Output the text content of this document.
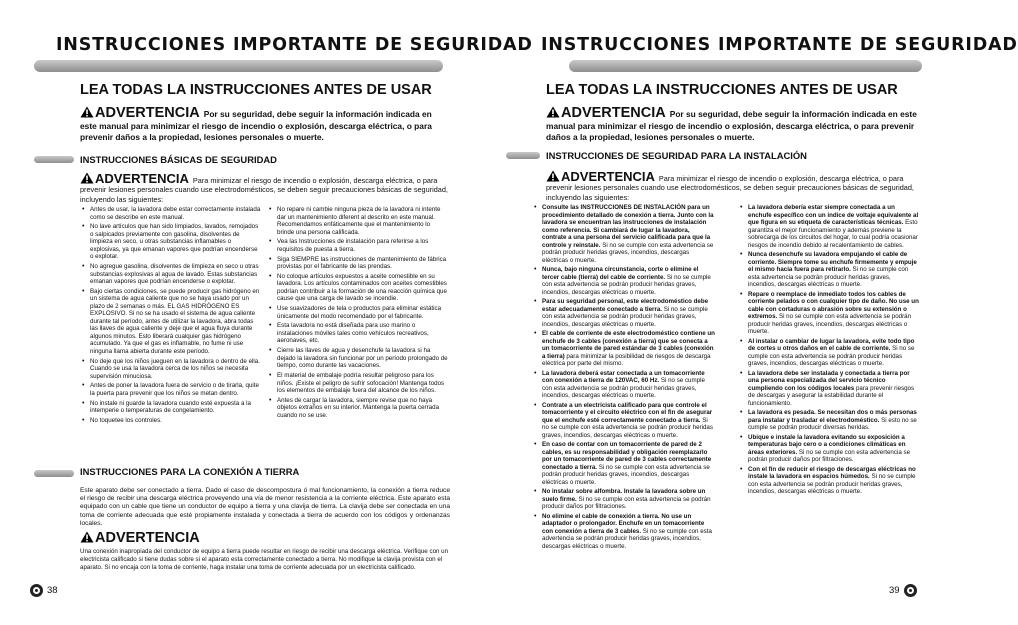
INSTRUCCIONES IMPORTANTE DE SEGURIDAD
LEA TODAS LA INSTRUCCIONES ANTES DE USAR
ADVERTENCIA Por su seguridad, debe seguir la información indicada en este manual para minimizar el riesgo de incendio o explosión, descarga eléctrica, o para prevenir daños a la propiedad, lesiones personales o muerte.
INSTRUCCIONES BÁSICAS DE SEGURIDAD
ADVERTENCIA Para minimizar el riesgo de incendio o explosión, descarga eléctrica, o para prevenir lesiones personales cuando use electrodomésticos, se deben seguir precauciones básicas de seguridad, incluyendo las siguientes:
• Antes de usar, la lavadora debe estar correctamente instalada como se describe en este manual.
• No lave artículos que han sido limpiados, lavados, remojados o salpicados previamente con gasolina, disolventes de limpieza en seco, u otras substancias inflamables o explosivas, ya que emanan vapores que podrían encenderse o explotar.
• No agregue gasolina, disolventes de limpieza en seco u otras substancias explosivas al agua de lavado. Estas substancias emanan vapores que podrían encenderse o explotar.
• Bajo ciertas condiciones, se puede producir gas hidrógeno en un sistema de agua caliente que no se haya usado por un plazo de 2 semanas o más. EL GAS HIDRÓGENO ES EXPLOSIVO. Si no se ha usado el sistema de agua caliente durante tal período, antes de utilizar la lavadora, abra todas las llaves de agua caliente y deje que el agua fluya durante algunos minutos. Esto liberará cualquier gas hidrógeno acumulado. Ya que el gas es inflamable, no fume ni use ninguna llama abierta durante este período.
• No deje que los niños jueguen en la lavadora o dentro de ella. Cuando se usa la lavadora cerca de los niños se necesita supervisión minuciosa.
• Antes de poner la lavadora fuera de servicio o de tirarla, quite la puerta para prevenir que los niños se metan dentro.
• No instale ni guarde la lavadora cuando esté expuesta a la intemperie o temperaturas de congelamiento.
• No toquetee los controles.
• No repare ni cambie ninguna pieza de la lavadora ni intente dar un mantenimiento diferent al descrito en este manual. Recomendamos enfáticamente que el mantenimiento lo brinde una persona calificada.
• Vea las Instrucciones de instalación para referirse a los requisitos de puesta a tierra.
• Siga SIEMPRE las instrucciones de mantenimiento de fábrica provistas por el fabricante de las prendas.
• No coloque artículos expuestos a aceite comestible en su lavadora. Los artículos contaminados con aceites comestibles podrían contribuir a la formación de una reacción química que cause que una carga de lavado se incendie.
• Use suavizadores de tela o productos para eliminar estática únicamente del modo recomendado por el fabricante.
• Esta lavadora no está diseñada para uso marino o instalaciones móviles tales como vehículos recreativos, aeronaves, etc.
• Cierre las llaves de agua y desenchufe la lavadora si ha dejado la lavadora sin funcionar por un período prolongado de tiempo, como durante las vacaciones.
• El material de embalaje podría resultar peligroso para los niños. ¡Existe el peligro de sufrir sofocación! Mantenga todos los elementos de embalaje fuera del alcance de los niños.
• Antes de cargar la lavadora, siempre revise que no haya objetos extraños en su interior. Mantenga la puerta cerrada cuando no se use.
INSTRUCCIONES PARA LA CONEXIÓN A TIERRA
Este aparato debe ser conectado a tierra. Dado el caso de descompostura ó mal funcionamiento, la conexión a tierra reduce el riesgo de recibir una descarga eléctrica proveyendo una vía de menor resistencia a la corriente eléctrica. Este aparato esta equipado con un cable que tiene un conductor de equipo a tierra y una clavija de tierra. La clavija debe ser conectada en una toma de corriente adecuada que esté propiamente instalada y conectada a tierra de acuerdo con los códigos y ordenanzas locales.
ADVERTENCIA
Una conexión inapropiada del conductor de equipo a tierra puede resultar en riesgo de recibir una descarga eléctrica. Verifique con un electricista calificado si tiene dudas sobre si el aparato esta correctamente conectado a tierra. No modifique la clavija provista con el aparato. Si no encaja con la toma de corriente, haga instalar una toma de corriente adecuada por un electricista calificado.
38
INSTRUCCIONES IMPORTANTE DE SEGURIDAD
LEA TODAS LA INSTRUCCIONES ANTES DE USAR
ADVERTENCIA Por su seguridad, debe seguir la información indicada en este manual para minimizar el riesgo de incendio o explosión, descarga eléctrica, o para prevenir daños a la propiedad, lesiones personales o muerte.
INSTRUCCIONES DE SEGURIDAD PARA LA INSTALACIÓN
ADVERTENCIA Para minimizar el riesgo de incendio o explosión, descarga eléctrica, o para prevenir lesiones personales cuando use electrodomésticos, se deben seguir precauciones básicas de seguridad, incluyendo las siguientes:
• Consulte las INSTRUCCIONES DE INSTALACIÓN para un procedimiento detallado de conexión a tierra. Junto con la lavadora se encuentran las instrucciones de instalación como referencia. Si cambiará de lugar la lavadora, contrate a una persona del servicio calificada para que la controle y reinstale. Si no se cumple con esta advertencia se podrán producir heridas graves, incendios, descargas eléctricas o muerte.
• Nunca, bajo ninguna circunstancia, corte o elimine el tercer cable (tierra) del cable de corriente. Si no se cumple con esta advertencia se podrán producir heridas graves, incendios, descargas eléctricas o muerte.
• Para su seguridad personal, este electrodoméstico debe estar adecuadamente conectado a tierra. Si no se cumple con esta advertencia se podrán producir heridas graves, incendios, descargas eléctricas o muerte.
• El cable de corriente de este electrodoméstico contiene un enchufe de 3 cables (conexión a tierra) que se conecta a un tomacorriente de pared estándar de 3 cables (conexión a tierra) para minimizar la posibilidad de riesgos de descarga eléctrica por parte del mismo.
• La lavadora deberá estar conectada a un tomacorriente con conexión a tierra de 120VAC, 60 Hz. Si no se cumple con esta advertencia se podrán producir heridas graves, incendios, descargas eléctricas o muerte.
• Contrate a un electricista calificado para que controle el tomacorriente y el circuito eléctrico con el fin de asegurar que el enchufe esté correctamente conectado a tierra. Si no se cumple con esta advertencia se podrán producir heridas graves, incendios, descargas eléctricas o muerte.
• En caso de contar con un tomacorriente de pared de 2 cables, es su responsabilidad y obligación reemplazarlo por un tomacorriente de pared de 3 cables correctamente conectado a tierra. Si no se cumple con esta advertencia se podrán producir heridas graves, incendios, descargas eléctricas o muerte.
• No instalar sobre alfombra. Instale la lavadora sobre un suelo firme. Si no se cumple con esta advertencia se podrán producir daños por filtraciones.
• No elimine el cable de conexión a tierra. No use un adaptador o prolongador. Enchufe en un tomacorriente con conexión a tierra de 3 cables. Si no se cumple con esta advertencia se podrán producir heridas graves, incendios, descargas eléctricas o muerte.
• La lavadora debería estar siempre conectada a un enchufe específico con un índice de voltaje equivalente al que figura en su etiqueta de características técnicas. Esto garantiza el mejor funcionamiento y además previene la sobrecarga de los circuitos del hogar, lo cual podría ocasionar riesgos de incendio debido al recalentamiento de cables.
• Nunca desenchufe su lavadora empujando el cable de corriente. Siempre tome su enchufe firmemente y empuje el mismo hacia fuera para retirarlo. Si no se cumple con esta advertencia se podrán producir heridas graves, incendios, descargas eléctricas o muerte.
• Repare o reemplace de inmediato todos los cables de corriente pelados o con cualquier tipo de daño. No use un cable con cortaduras o abrasión sobre su extensión o extremos. Si no se cumple con esta advertencia se podrán producir heridas graves, incendios, descargas eléctricas o muerte.
• Al instalar o cambiar de lugar la lavadora, evite todo tipo de cortes u otros daños en el cable de corriente. Si no se cumple con esta advertencia se podrán producir heridas graves, incendios, descargas eléctricas o muerte.
• La lavadora debe ser instalada y conectada a tierra por una persona especializada del servicio técnico cumpliendo con los códigos locales para prevenir riesgos de descargas y asegurar la estabilidad durante el funcionamiento.
• La lavadora es pesada. Se necesitan dos o más personas para instalar y trasladar el electrodoméstico. Si esto no se cumple se podrán producir diversas heridas.
• Ubique e instale la lavadora evitando su exposición a temperaturas bajo cero o a condiciones climáticas en áreas exteriores. Si no se cumple con esta advertencia se podrán producir daños por filtraciones.
• Con el fin de reducir el riesgo de descargas eléctricas no instale la lavadora en espacios húmedos. Si no se cumple con esta advertencia se podrán producir heridas graves, incendios, descargas eléctricas o muerte.
39
